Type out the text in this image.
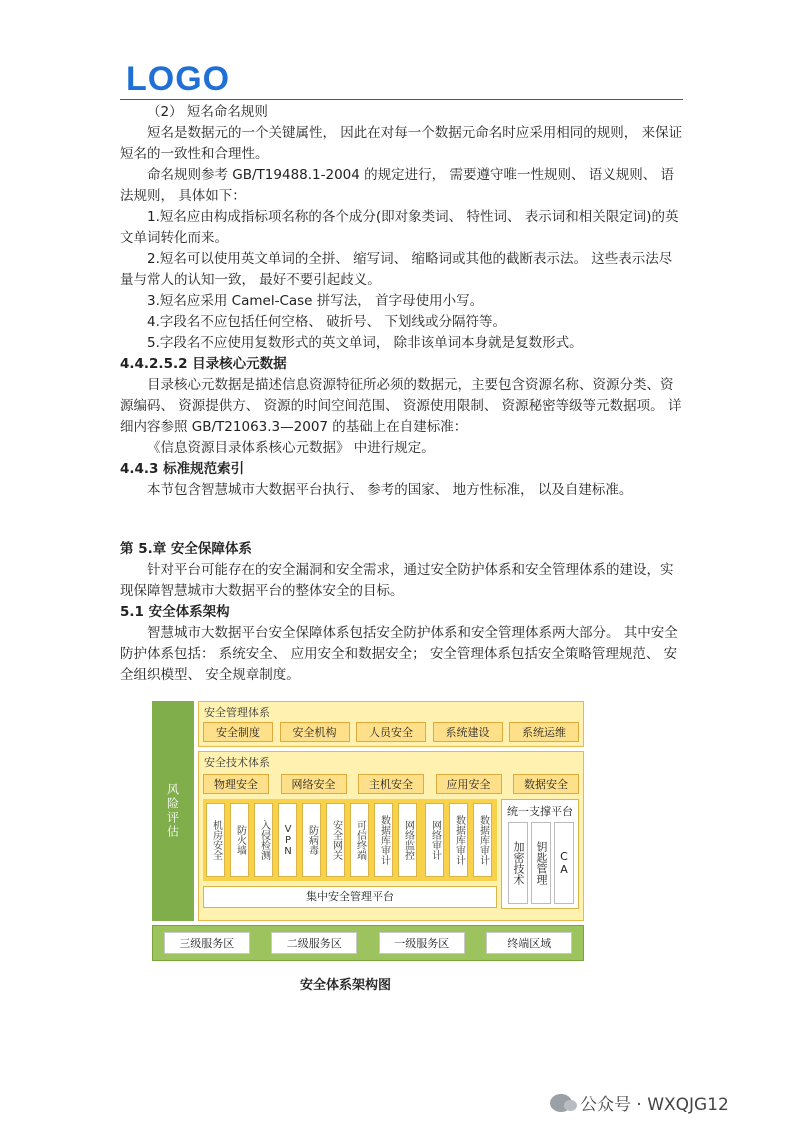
LOGO

（2） 短名命名规则

短名是数据元的一个关键属性， 因此在对每一个数据元命名时应采用相同的规则， 来保证短名的一致性和合理性。

命名规则参考 GB/T19488.1-2004 的规定进行， 需要遵守唯一性规则、 语义规则、 语法规则， 具体如下：

1.短名应由构成指标项名称的各个成分(即对象类词、 特性词、 表示词和相关限定词)的英文单词转化而来。

2.短名可以使用英文单词的全拼、 缩写词、 缩略词或其他的截断表示法。 这些表示法尽量与常人的认知一致， 最好不要引起歧义。

3.短名应采用 Camel-Case 拼写法， 首字母使用小写。

4.字段名不应包括任何空格、 破折号、 下划线或分隔符等。

5.字段名不应使用复数形式的英文单词， 除非该单词本身就是复数形式。

4.4.2.5.2 目录核心元数据

目录核心元数据是描述信息资源特征所必须的数据元，主要包含资源名称、资源分类、资源编码、 资源提供方、 资源的时间空间范围、 资源使用限制、 资源秘密等级等元数据项。 详细内容参照 GB/T21063.3—2007 的基础上在自建标准：

《信息资源目录体系核心元数据》 中进行规定。

4.4.3 标准规范索引

本节包含智慧城市大数据平台执行、 参考的国家、 地方性标准， 以及自建标准。

第 5.章 安全保障体系

针对平台可能存在的安全漏洞和安全需求，通过安全防护体系和安全管理体系的建设，实现保障智慧城市大数据平台的整体安全的目标。

5.1 安全体系架构

智慧城市大数据平台安全保障体系包括安全防护体系和安全管理体系两大部分。 其中安全防护体系包括： 系统安全、 应用安全和数据安全； 安全管理体系包括安全策略管理规范、 安全组织模型、 安全规章制度。

风险评估
安全管理体系
安全制度	安全机构	人员安全	系统建设	系统运维
安全技术体系
物理安全	网络安全	主机安全	应用安全	数据安全
机房安全 防火墙 入侵检测 VPN 防病毒 安全网关 可信终端 数据库审计 网络监控 网络审计 数据库审计 数据库审计
集中安全管理平台
统一支撑平台
加密技术 钥匙管理 CA
三级服务区	二级服务区	一级服务区	终端区域
安全体系架构图
公众号 · WXQJG12
